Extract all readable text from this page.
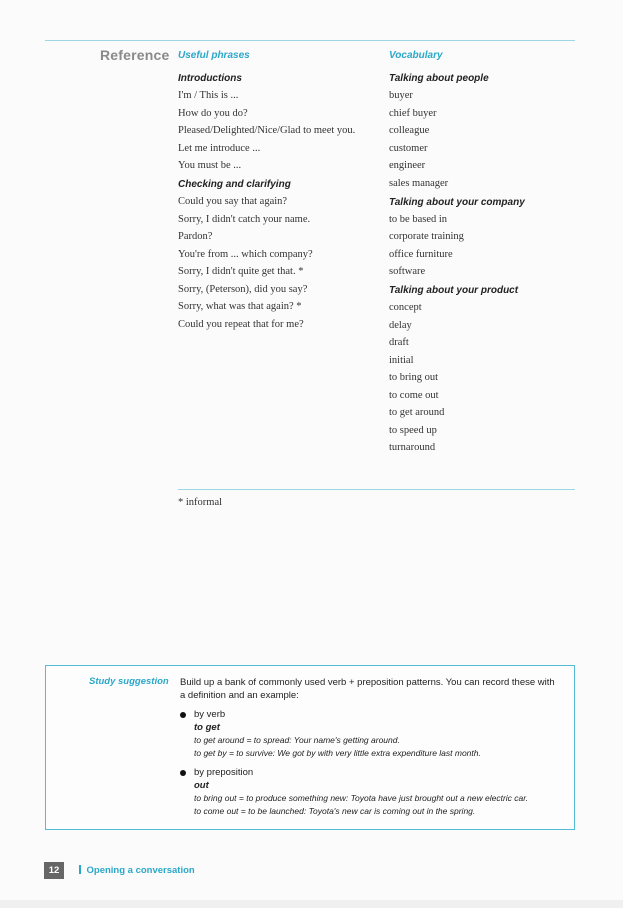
Reference Useful phrases
Introductions
I'm / This is ...
How do you do?
Pleased/Delighted/Nice/Glad to meet you.
Let me introduce ...
You must be ...
Checking and clarifying
Could you say that again?
Sorry, I didn't catch your name.
Pardon?
You're from ... which company?
Sorry, I didn't quite get that. *
Sorry, (Peterson), did you say?
Sorry, what was that again? *
Could you repeat that for me?
Vocabulary
Talking about people
buyer
chief buyer
colleague
customer
engineer
sales manager
Talking about your company
to be based in
corporate training
office furniture
software
Talking about your product
concept
delay
draft
initial
to bring out
to come out
to get around
to speed up
turnaround
* informal
Study suggestion Build up a bank of commonly used verb + preposition patterns. You can record these with a definition and an example:
by verb
to get
to get around = to spread: Your name's getting around.
to get by = to survive: We got by with very little extra expenditure last month.
by preposition
out
to bring out = to produce something new: Toyota have just brought out a new electric car.
to come out = to be launched: Toyota's new car is coming out in the spring.
12	Opening a conversation
